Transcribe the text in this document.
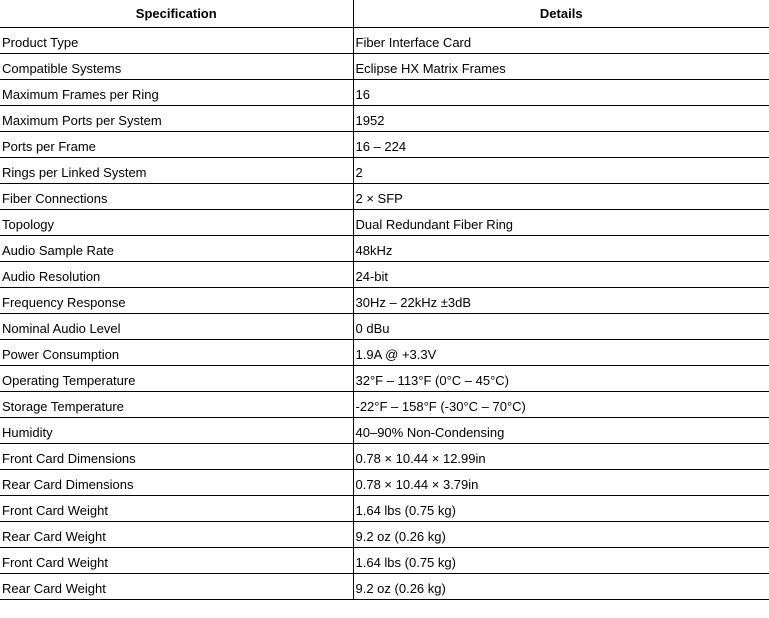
Specification	Details
Product Type	Fiber Interface Card
Compatible Systems	Eclipse HX Matrix Frames
Maximum Frames per Ring	16
Maximum Ports per System	1952
Ports per Frame	16 – 224
Rings per Linked System	2
Fiber Connections	2 × SFP
Topology	Dual Redundant Fiber Ring
Audio Sample Rate	48kHz
Audio Resolution	24-bit
Frequency Response	30Hz – 22kHz ±3dB
Nominal Audio Level	0 dBu
Power Consumption	1.9A @ +3.3V
Operating Temperature	32°F – 113°F (0°C – 45°C)
Storage Temperature	-22°F – 158°F (-30°C – 70°C)
Humidity	40–90% Non-Condensing
Front Card Dimensions	0.78 × 10.44 × 12.99in
Rear Card Dimensions	0.78 × 10.44 × 3.79in
Front Card Weight	1.64 lbs (0.75 kg)
Rear Card Weight	9.2 oz (0.26 kg)
Front Card Weight	1.64 lbs (0.75 kg)
Rear Card Weight	9.2 oz (0.26 kg)
